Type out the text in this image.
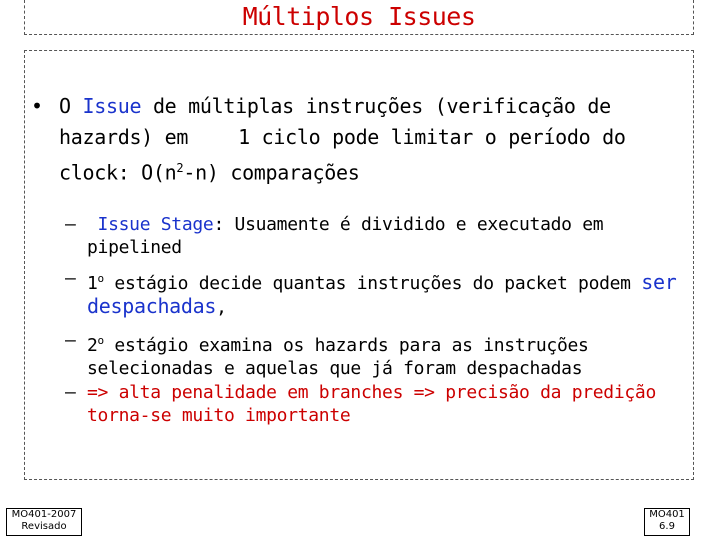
Múltiplos Issues
• O Issue de múltiplas instruções (verificação de hazards) em	1 ciclo pode limitar o período do clock: $O(n^2-n)$ comparações
–	Issue Stage: Usuamente é dividido e executado em pipelined
– 1$^o$ estágio decide quantas instruções do packet podem ser despachadas,
– 2$^o$ estágio examina os hazards para as instruções selecionadas e aquelas que já foram despachadas
– => alta penalidade em branches => precisão da predição torna-se muito importante
MO401-2007
Revisado
MO401
6.9
